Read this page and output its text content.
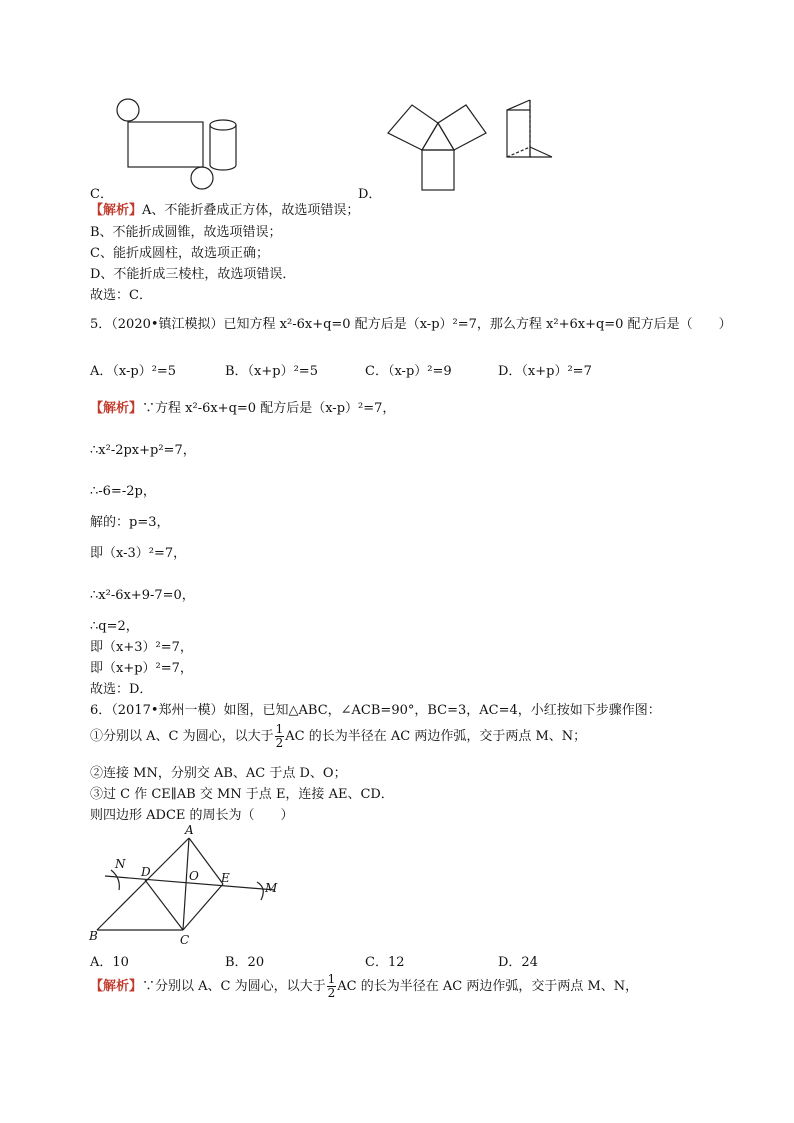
C．	D．
【解析】A、不能折叠成正方体，故选项错误；
B、不能折成圆锥，故选项错误；
C、能折成圆柱，故选项正确；
D、不能折成三棱柱，故选项错误．
故选：C．
5．（2020•镇江模拟）已知方程 x²-6x+q=0 配方后是（x-p）²=7，那么方程 x²+6x+q=0 配方后是（　　）
A．（x-p）²=5	B．（x+p）²=5	C．（x-p）²=9	D．（x+p）²=7
【解析】∵方程 x²-6x+q=0 配方后是（x-p）²=7，
∴x²-2px+p²=7，
∴-6=-2p，
解的：p=3，
即（x-3）²=7，
∴x²-6x+9-7=0，
∴q=2，
即（x+3）²=7，
即（x+p）²=7，
故选：D．
6．（2017•郑州一模）如图，已知△ABC，∠ACB=90°，BC=3，AC=4，小红按如下步骤作图：
①分别以 A、C 为圆心，以大于 $\frac{1}{2}$ AC 的长为半径在 AC 两边作弧，交于两点 M、N；
②连接 MN，分别交 AB、AC 于点 D、O；
③过 C 作 CE∥AB 交 MN 于点 E，连接 AE、CD．
则四边形 ADCE 的周长为（　　）
A
N
D	O E
M
B	C
A．10	B．20	C．12	D．24
【解析】∵分别以 A、C 为圆心，以大于 $\frac{1}{2}$ AC 的长为半径在 AC 两边作弧，交于两点 M、N，
